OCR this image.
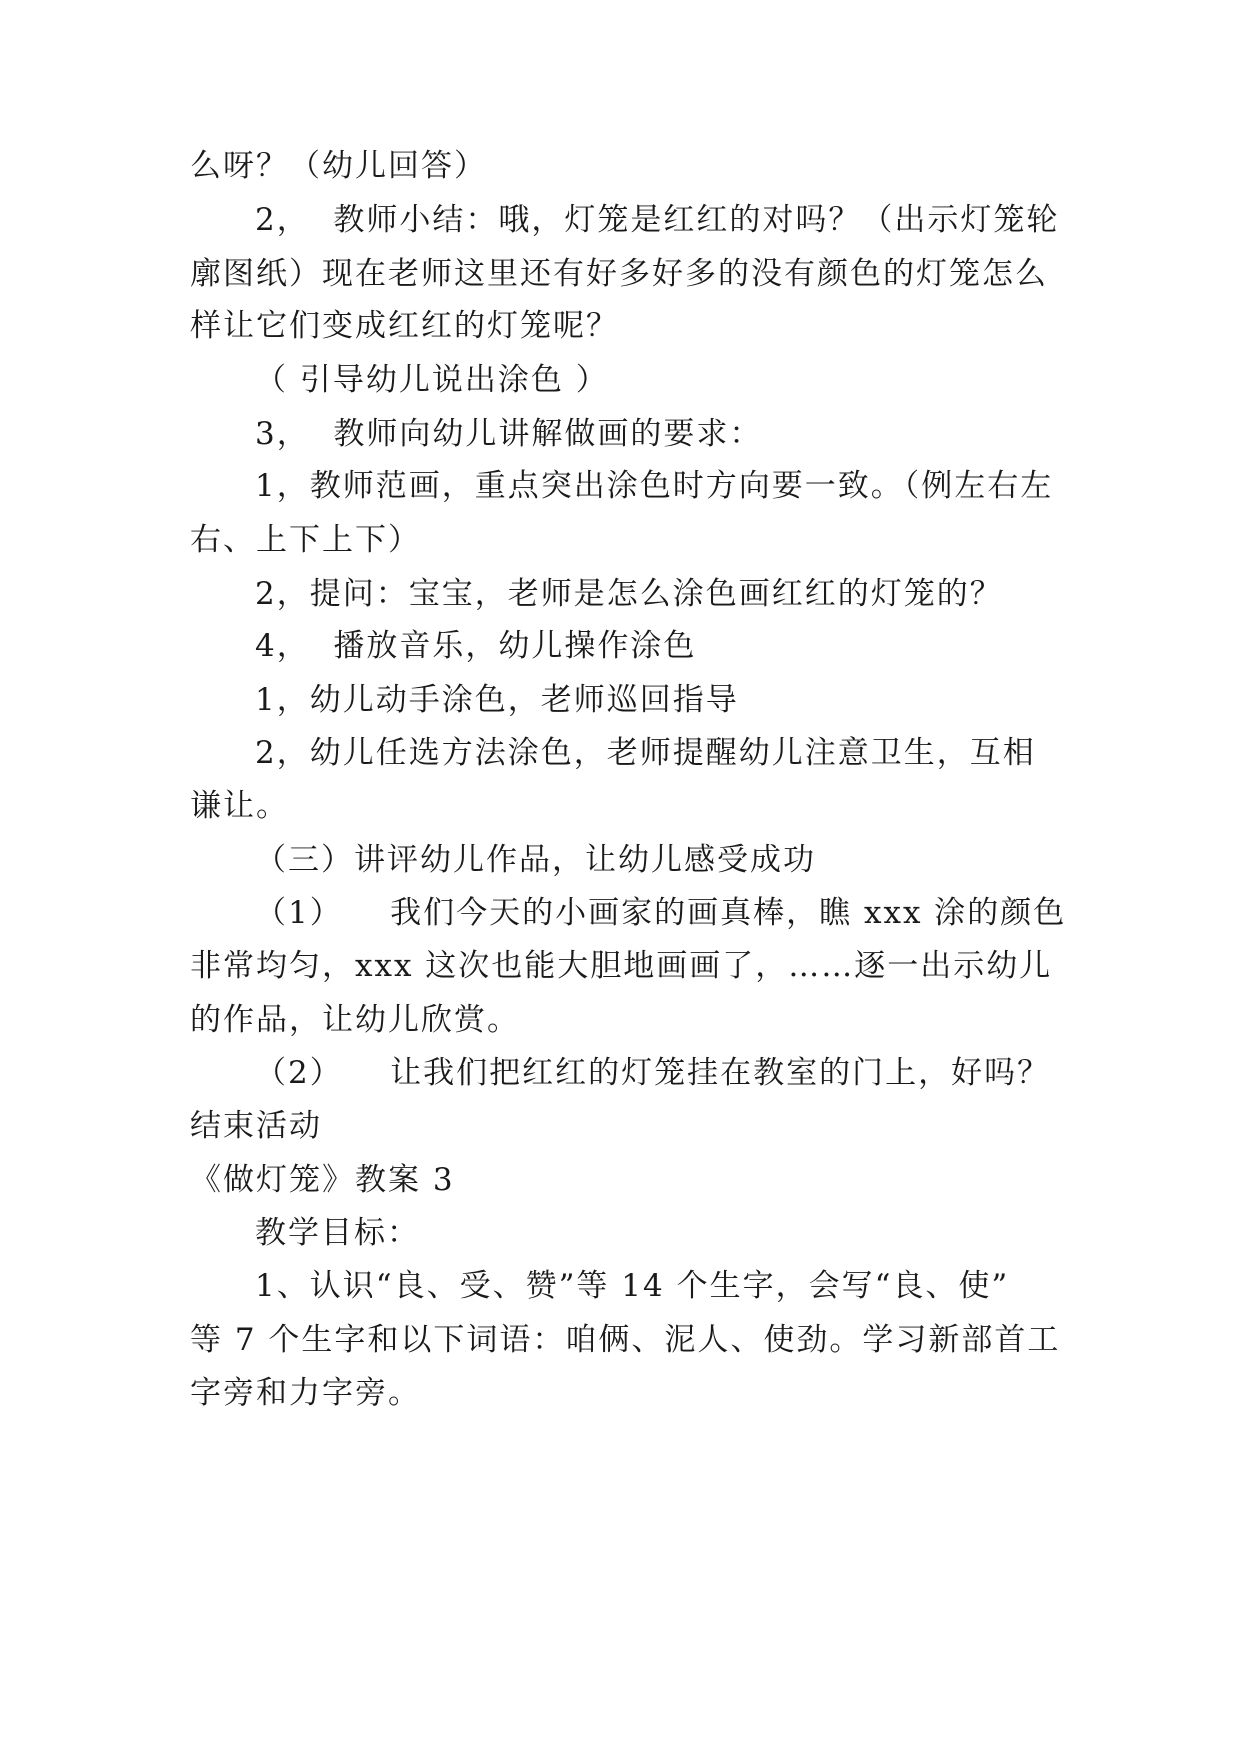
么呀？（幼儿回答）
2，  教师小结：哦，灯笼是红红的对吗？（出示灯笼轮
廓图纸）现在老师这里还有好多好多的没有颜色的灯笼怎么
样让它们变成红红的灯笼呢？
（ 引导幼儿说出涂色 ）
3，  教师向幼儿讲解做画的要求：
1，教师范画，重点突出涂色时方向要一致。（例左右左
右、上下上下）
2，提问：宝宝，老师是怎么涂色画红红的灯笼的？
4，  播放音乐，幼儿操作涂色
1，幼儿动手涂色，老师巡回指导
2，幼儿任选方法涂色，老师提醒幼儿注意卫生，互相
谦让。
（三）讲评幼儿作品，让幼儿感受成功
（1）    我们今天的小画家的画真棒，瞧 xxx 涂的颜色
非常均匀，xxx 这次也能大胆地画画了，……逐一出示幼儿
的作品，让幼儿欣赏。
（2）    让我们把红红的灯笼挂在教室的门上，好吗？
结束活动
《做灯笼》教案 3
教学目标：
1、认识“良、受、赞”等 14 个生字，会写“良、使”
等 7 个生字和以下词语：咱俩、泥人、使劲。学习新部首工
字旁和力字旁。
